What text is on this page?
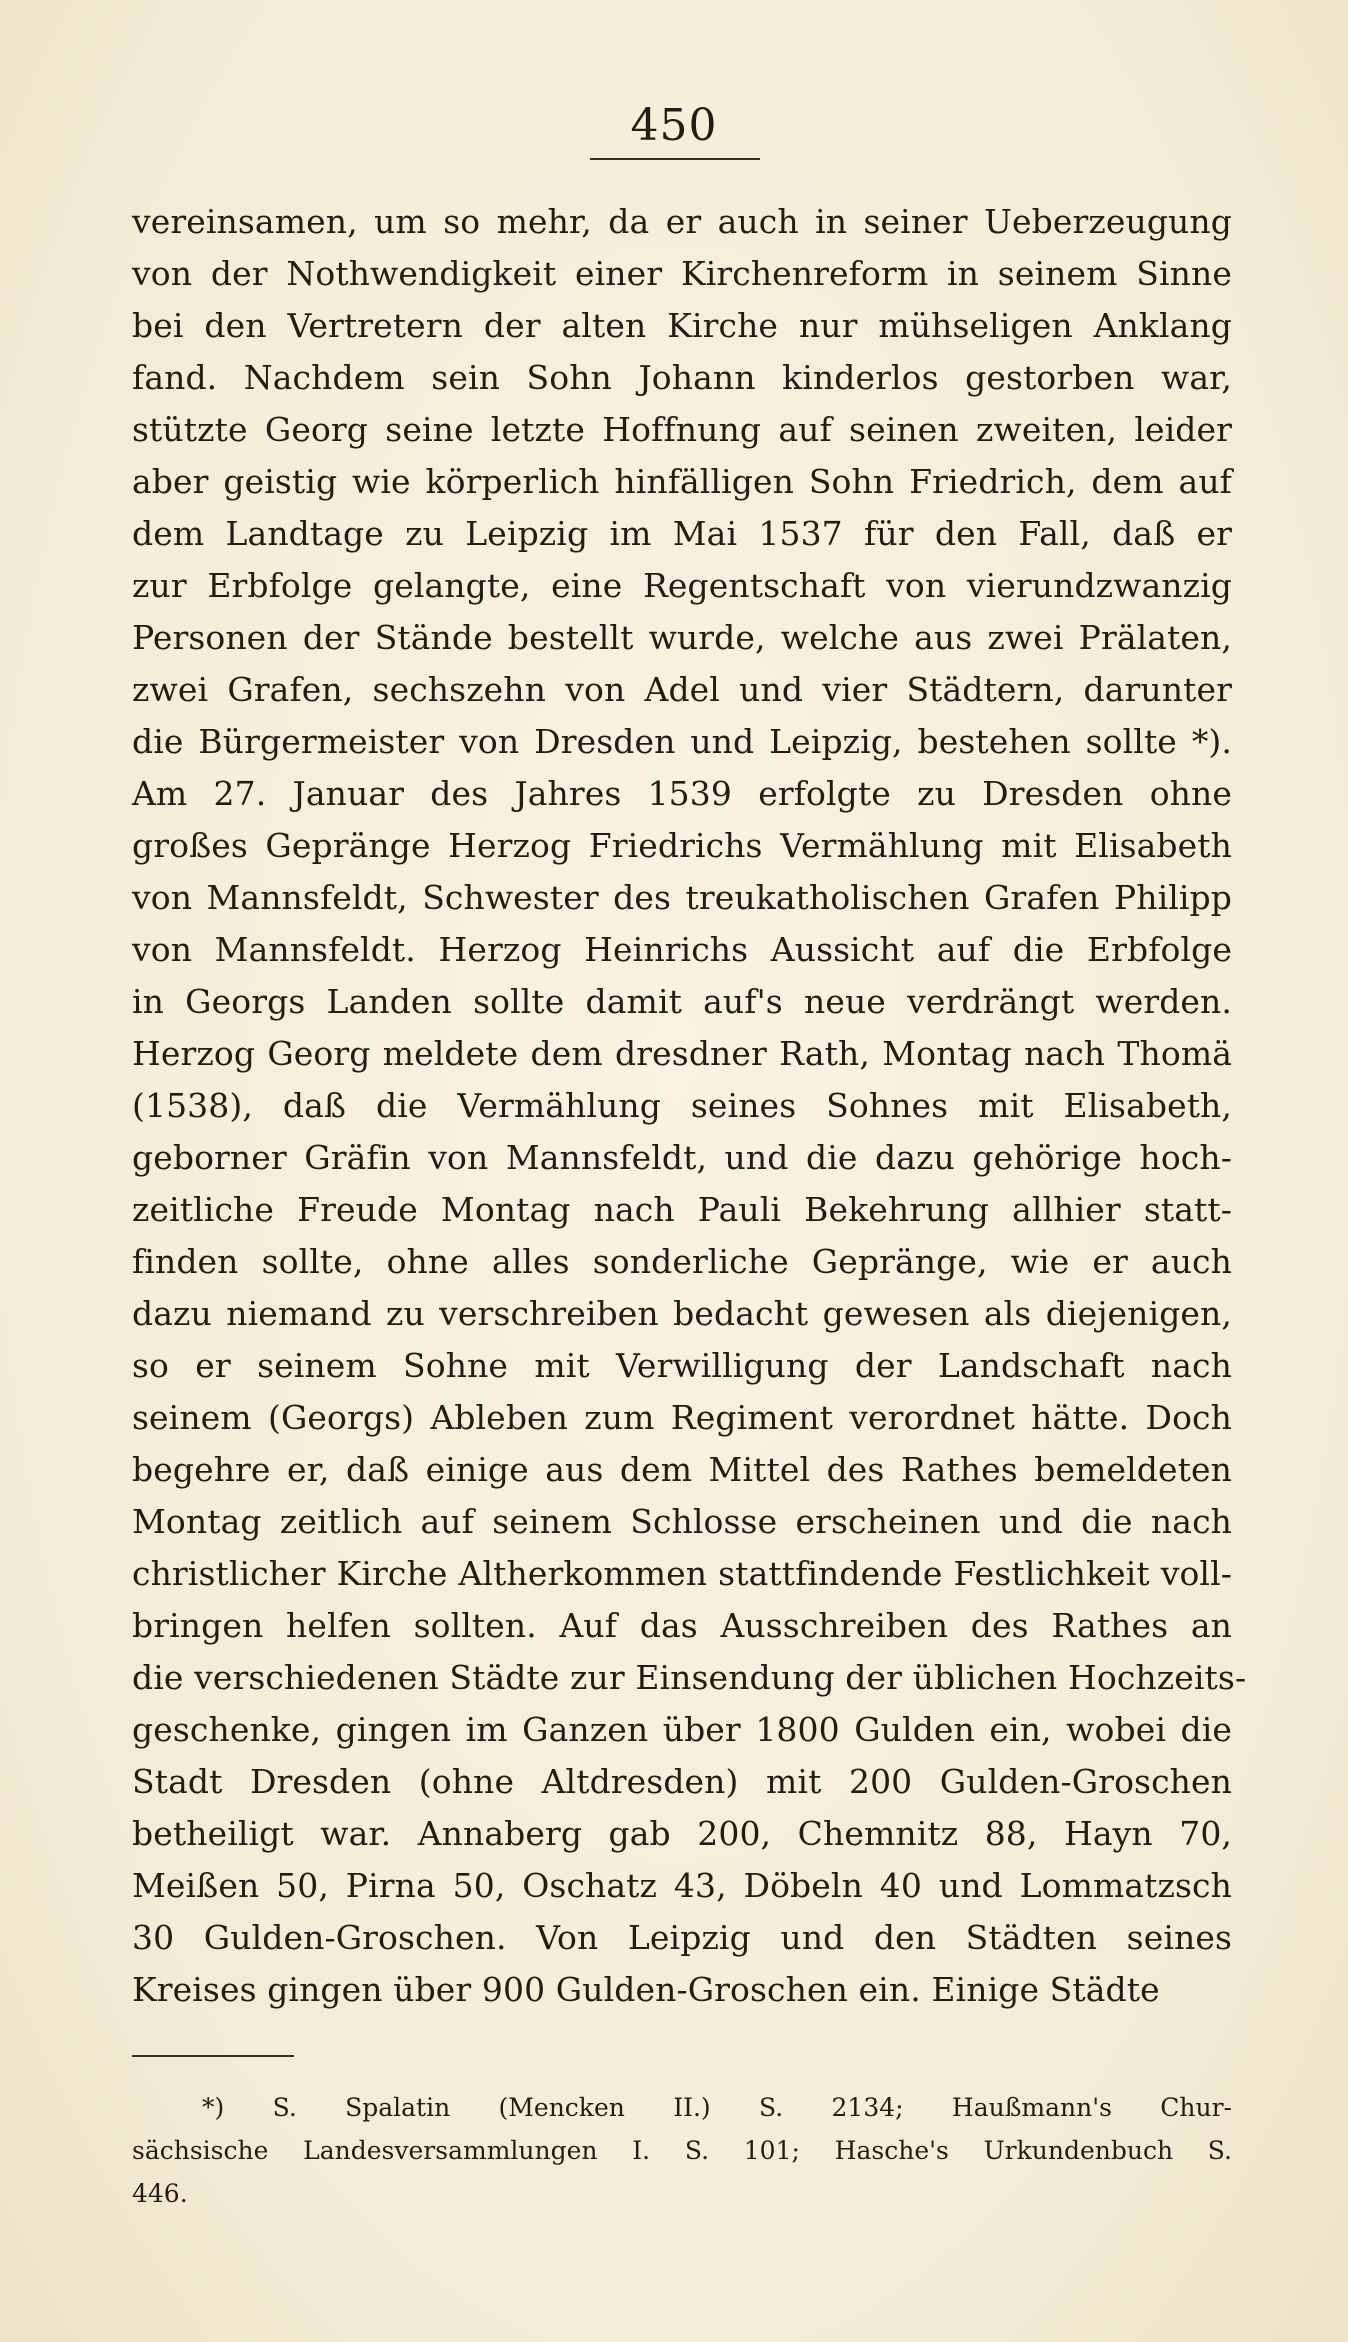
450
vereinsamen, um so mehr, da er auch in seiner Ueberzeugung
von der Nothwendigkeit einer Kirchenreform in seinem Sinne
bei den Vertretern der alten Kirche nur mühseligen Anklang
fand. Nachdem sein Sohn Johann kinderlos gestorben war,
stützte Georg seine letzte Hoffnung auf seinen zweiten, leider
aber geistig wie körperlich hinfälligen Sohn Friedrich, dem auf
dem Landtage zu Leipzig im Mai 1537 für den Fall, daß er
zur Erbfolge gelangte, eine Regentschaft von vierundzwanzig
Personen der Stände bestellt wurde, welche aus zwei Prälaten,
zwei Grafen, sechszehn von Adel und vier Städtern, darunter
die Bürgermeister von Dresden und Leipzig, bestehen sollte *).
Am 27. Januar des Jahres 1539 erfolgte zu Dresden ohne
großes Gepränge Herzog Friedrichs Vermählung mit Elisabeth
von Mannsfeldt, Schwester des treukatholischen Grafen Philipp
von Mannsfeldt. Herzog Heinrichs Aussicht auf die Erbfolge
in Georgs Landen sollte damit auf's neue verdrängt werden.
Herzog Georg meldete dem dresdner Rath, Montag nach Thomä
(1538), daß die Vermählung seines Sohnes mit Elisabeth,
geborner Gräfin von Mannsfeldt, und die dazu gehörige hoch-
zeitliche Freude Montag nach Pauli Bekehrung allhier statt-
finden sollte, ohne alles sonderliche Gepränge, wie er auch
dazu niemand zu verschreiben bedacht gewesen als diejenigen,
so er seinem Sohne mit Verwilligung der Landschaft nach
seinem (Georgs) Ableben zum Regiment verordnet hätte. Doch
begehre er, daß einige aus dem Mittel des Rathes bemeldeten
Montag zeitlich auf seinem Schlosse erscheinen und die nach
christlicher Kirche Altherkommen stattfindende Festlichkeit voll-
bringen helfen sollten. Auf das Ausschreiben des Rathes an
die verschiedenen Städte zur Einsendung der üblichen Hochzeits-
geschenke, gingen im Ganzen über 1800 Gulden ein, wobei die
Stadt Dresden (ohne Altdresden) mit 200 Gulden-Groschen
betheiligt war. Annaberg gab 200, Chemnitz 88, Hayn 70,
Meißen 50, Pirna 50, Oschatz 43, Döbeln 40 und Lommatzsch
30 Gulden-Groschen. Von Leipzig und den Städten seines
Kreises gingen über 900 Gulden-Groschen ein. Einige Städte
*) S. Spalatin (Mencken II.) S. 2134; Haußmann's Chur-
sächsische Landesversammlungen I. S. 101; Hasche's Urkundenbuch S.
446.
